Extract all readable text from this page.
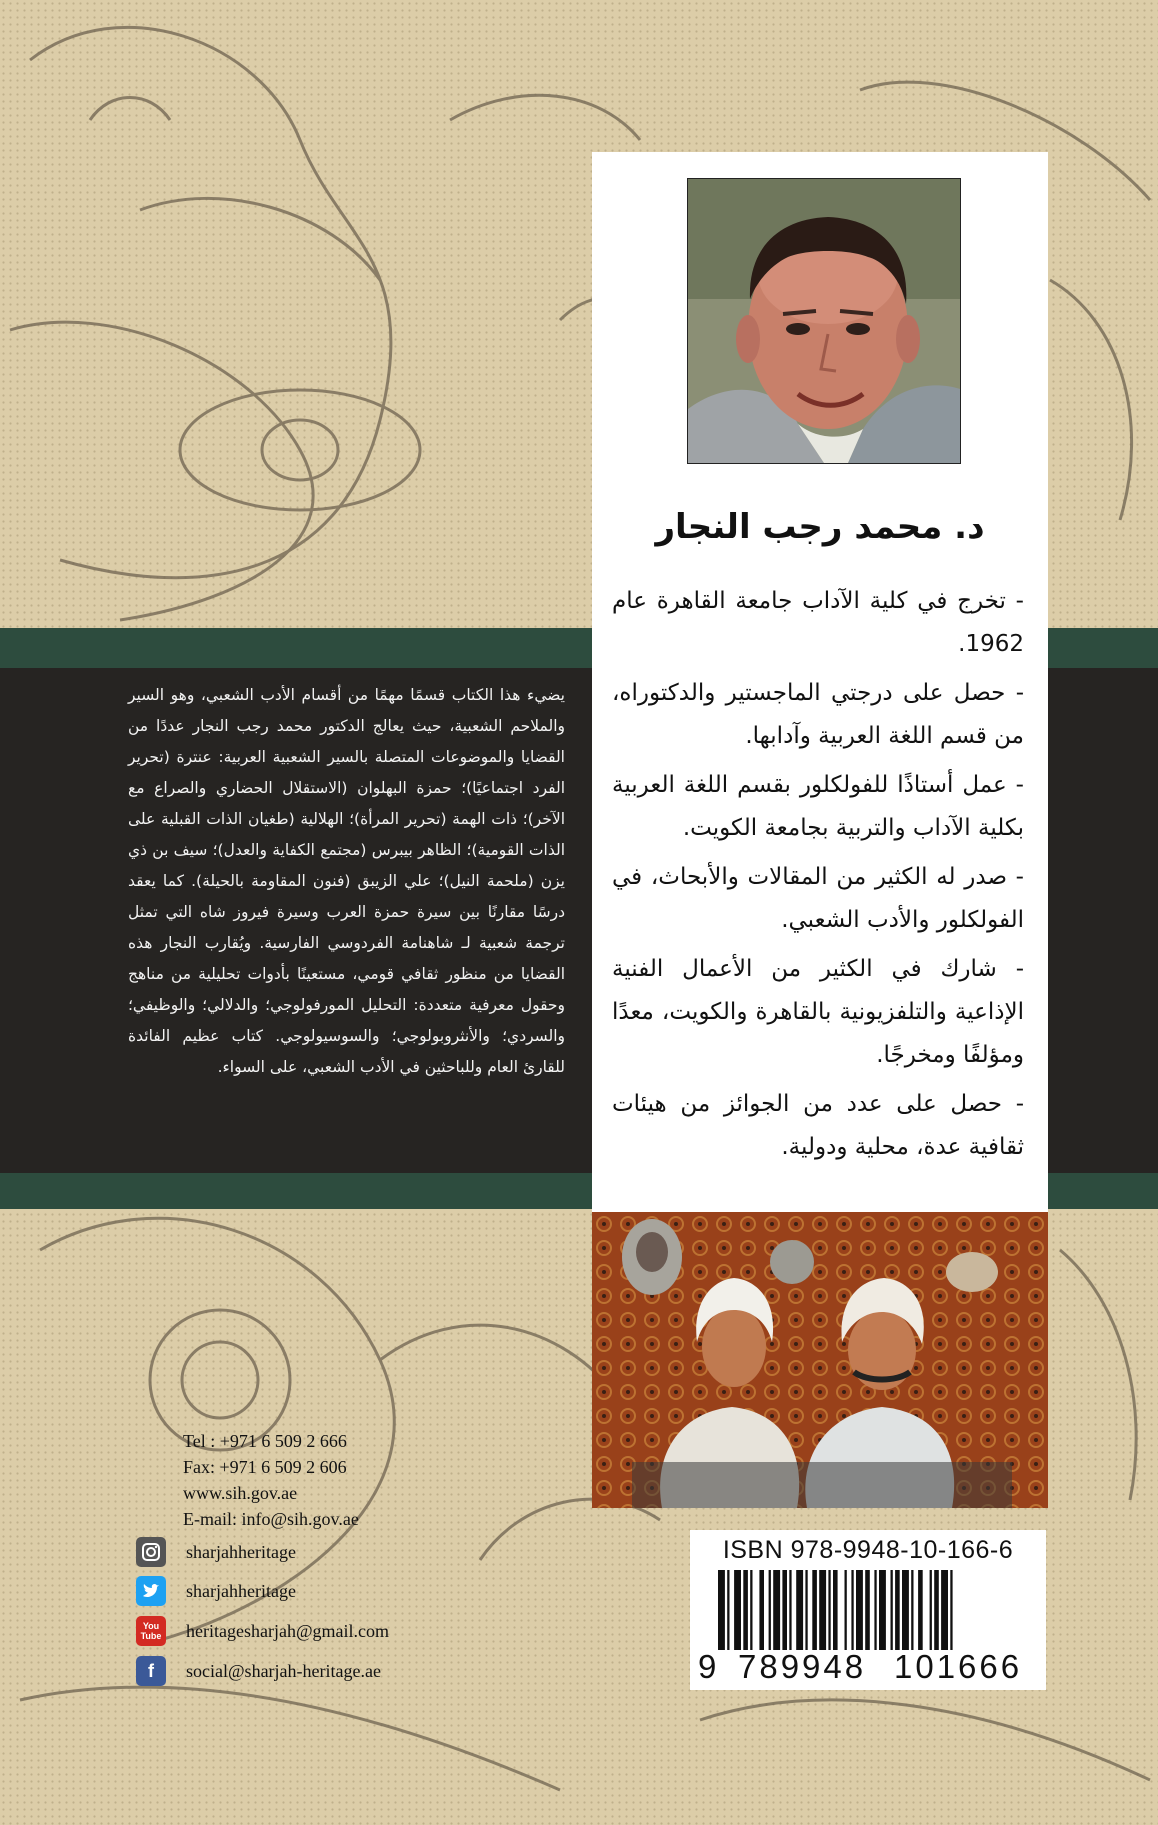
يضيء هذا الكتاب قسمًا مهمًا من أقسام الأدب الشعبي، وهو السير والملاحم الشعبية، حيث يعالج الدكتور محمد رجب النجار عددًا من القضايا والموضوعات المتصلة بالسير الشعبية العربية: عنترة (تحرير الفرد اجتماعيًا)؛ حمزة البهلوان (الاستقلال الحضاري والصراع مع الآخر)؛ ذات الهمة (تحرير المرأة)؛ الهلالية (طغيان الذات القبلية على الذات القومية)؛ الظاهر بيبرس (مجتمع الكفاية والعدل)؛ سيف بن ذي يزن (ملحمة النيل)؛ علي الزيبق (فنون المقاومة بالحيلة). كما يعقد درسًا مقارنًا بين سيرة حمزة العرب وسيرة فيروز شاه التي تمثل ترجمة شعبية لـ شاهنامة الفردوسي الفارسية. ويُقارب النجار هذه القضايا من منظور ثقافي قومي، مستعينًا بأدوات تحليلية من مناهج وحقول معرفية متعددة: التحليل المورفولوجي؛ والدلالي؛ والوظيفي؛ والسردي؛ والأنثروبولوجي؛ والسوسيولوجي. كتاب عظيم الفائدة للقارئ العام وللباحثين في الأدب الشعبي، على السواء.

د. محمد رجب النجار
- تخرج في كلية الآداب جامعة القاهرة عام 1962.
- حصل على درجتي الماجستير والدكتوراه، من قسم اللغة العربية وآدابها.
- عمل أستاذًا للفولكلور بقسم اللغة العربية بكلية الآداب والتربية بجامعة الكويت.
- صدر له الكثير من المقالات والأبحاث، في الفولكلور والأدب الشعبي.
- شارك في الكثير من الأعمال الفنية الإذاعية والتلفزيونية بالقاهرة والكويت، معدًا ومؤلفًا ومخرجًا.
- حصل على عدد من الجوائز من هيئات ثقافية عدة، محلية ودولية.
Tel : +971 6 509 2 666
Fax: +971 6 509 2 606
www.sih.gov.ae
E-mail: info@sih.gov.ae
sharjahheritage
sharjahheritage
You Tube heritagesharjah@gmail.com
f	social@sharjah-heritage.ae
ISBN 978-9948-10-166-6
9 789948 101666
